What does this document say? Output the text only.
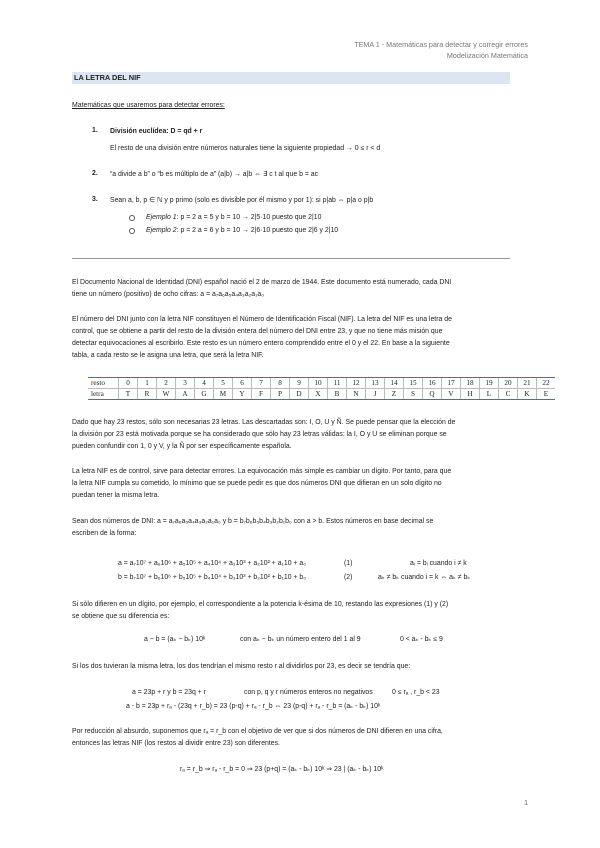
TEMA 1 - Matemáticas para detectar y corregir errores
Modelización Matemática
LA LETRA DEL NIF
Matemáticas que usaremos para detectar errores:
1. División euclídea: D = qd + r
El resto de una división entre números naturales tiene la siguiente propiedad → 0 ≤ r < d
2. “a divide a b” o “b es múltiplo de a” (a|b) → a|b ⇔ ∃ c t al que b = ac
3. Sean a, b, p ∈ ℕ y p primo (solo es divisible por él mismo y por 1): si p|ab ⇔ p|a o p|b
Ejemplo 1: p = 2 a = 5 y b = 10 → 2|5·10 puesto que 2|10
Ejemplo 2: p = 2 a = 6 y b = 10 → 2|6·10 puesto que 2|6 y 2|10
El Documento Nacional de Identidad (DNI) español nació el 2 de marzo de 1944. Este documento está numerado, cada DNI
tiene un número (positivo) de ocho cifras: a = a₇a₆a₅a₄a₃a₂a₁a₀
El número del DNI junto con la letra NIF constituyen el Número de Identificación Fiscal (NIF). La letra del NIF es una letra de
control, que se obtiene a partir del resto de la división entera del número del DNI entre 23, y que no tiene más misión que
detectar equivocaciones al escribirlo. Este resto es un número entero comprendido entre el 0 y el 22. En base a la siguiente
tabla, a cada resto se le asigna una letra, que será la letra NIF.
resto	0	1	2	3	4	5	6	7	8	9	10	11	12	13	14	15	16	17	18	19	20	21	22
letra	T	R	W	A	G	M	Y	F	P	D	X	B	N	J	Z	S	Q	V	H	L	C	K	E
Dado que hay 23 restos, sólo son necesarias 23 letras. Las descartadas son: I, O, U y Ñ. Se puede pensar que la elección de
la división por 23 está motivada porque se ha considerado que sólo hay 23 letras válidas: la I, O y U se eliminan porque se
pueden confundir con 1, 0 y V, y la Ñ por ser específicamente española.
La letra NIF es de control, sirve para detectar errores. La equivocación más simple es cambiar un dígito. Por tanto, para que
la letra NIF cumpla su cometido, lo mínimo que se puede pedir es que dos números DNI que difieran en un solo dígito no
puedan tener la misma letra.
Sean dos números de DNI: a = a₇a₆a₅a₄a₃a₂a₁a₀ y b = b₇b₆b₅b₄b₃b₂b₁b₀ con a > b. Estos números en base decimal se
escriben de la forma:
a = a₇10⁷ + a₆10⁶ + a₅10⁵ + a₄10⁴ + a₃10³ + a₂10² + a₁10 + a₀	(1)	aᵢ = bᵢ cuando i ≠ k
b = b₇10⁷ + b₆10⁶ + b₅10⁵ + b₄10⁴ + b₃10³ + b₂10² + b₁10 + b₀	(2)	aₖ ≠ bₖ cuando i = k ⇔ aₖ ≠ bₖ
Si sólo difieren en un dígito, por ejemplo, el correspondiente a la potencia k-ésima de 10, restando las expresiones (1) y (2)
se obtiene que su diferencia es:
a − b = (aₖ − bₖ) 10ᵏ	con aₖ − bₖ un número entero del 1 al 9	0 < aₖ - bₖ ≤ 9
Si los dos tuvieran la misma letra, los dos tendrían el mismo resto r al dividirlos por 23, es decir se tendría que:
a = 23p + r y b = 23q + r	con p, q y r números enteros no negativos	0 ≤ rₐ , r_b < 23
a - b = 23p + rₐ - (23q + r_b) = 23 (p-q) + rₐ - r_b ⇔ 23 (p-q) + rₐ - r_b = (aₖ - bₖ) 10ᵏ
Por reducción al absurdo, suponemos que rₐ = r_b con el objetivo de ver que si dos números de DNI difieren en una cifra,
entonces las letras NIF (los restos al dividir entre 23) son diferentes.
rₐ = r_b ⇒ rₐ - r_b = 0 ⇒ 23 (p+q) = (aₖ - bₖ) 10ᵏ ⇒ 23 | (aₖ - bₖ) 10ᵏ
1
